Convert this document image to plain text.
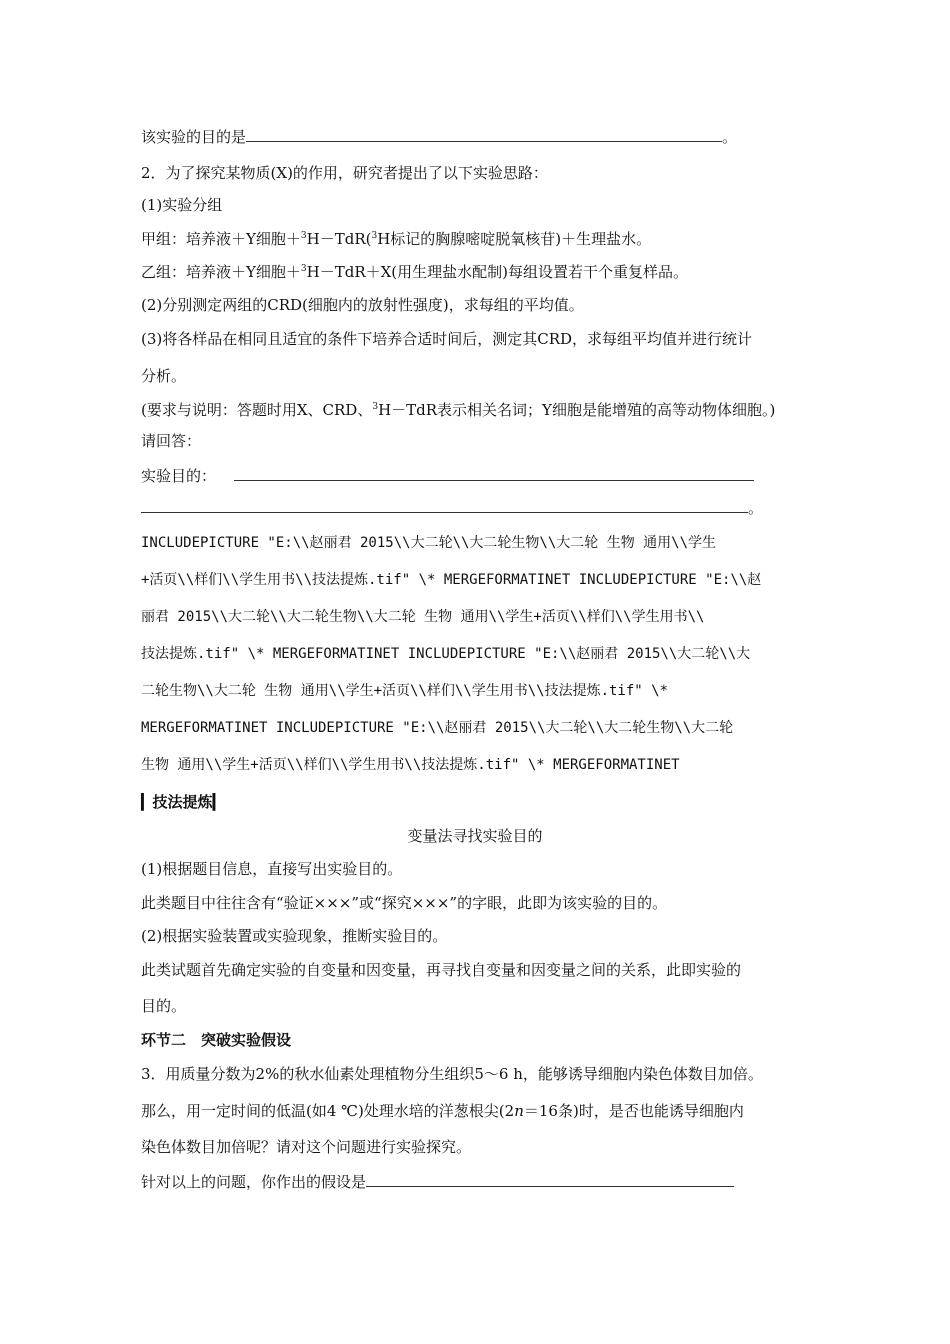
该实验的目的是	。
2．为了探究某物质(X)的作用，研究者提出了以下实验思路：
(1)实验分组
甲组：培养液＋Y细胞＋$^3$H－TdR($^3$H标记的胸腺嘧啶脱氧核苷)＋生理盐水。
乙组：培养液＋Y细胞＋$^3$H－TdR＋X(用生理盐水配制)每组设置若干个重复样品。
(2)分别测定两组的CRD(细胞内的放射性强度)，求每组的平均值。
(3)将各样品在相同且适宜的条件下培养合适时间后，测定其CRD，求每组平均值并进行统计
分析。
(要求与说明：答题时用X、CRD、$^3$H－TdR表示相关名词；Y细胞是能增殖的高等动物体细胞。)
请回答：
实验目的：
。
INCLUDEPICTURE "E:\\赵丽君 2015\\大二轮\\大二轮生物\\大二轮 生物 通用\\学生
+活页\\样们\\学生用书\\技法提炼.tif" \* MERGEFORMATINET INCLUDEPICTURE "E:\\赵
丽君 2015\\大二轮\\大二轮生物\\大二轮 生物 通用\\学生+活页\\样们\\学生用书\\
技法提炼.tif" \* MERGEFORMATINET INCLUDEPICTURE "E:\\赵丽君 2015\\大二轮\\大
二轮生物\\大二轮 生物 通用\\学生+活页\\样们\\学生用书\\技法提炼.tif" \*
MERGEFORMATINET INCLUDEPICTURE "E:\\赵丽君 2015\\大二轮\\大二轮生物\\大二轮
生物 通用\\学生+活页\\样们\\学生用书\\技法提炼.tif" \* MERGEFORMATINET
▎技法提炼▎
变量法寻找实验目的
(1)根据题目信息，直接写出实验目的。
此类题目中往往含有“验证×××”或“探究×××”的字眼，此即为该实验的目的。
(2)根据实验装置或实验现象，推断实验目的。
此类试题首先确定实验的自变量和因变量，再寻找自变量和因变量之间的关系，此即实验的
目的。
环节二　突破实验假设
3．用质量分数为2%的秋水仙素处理植物分生组织5～6 h，能够诱导细胞内染色体数目加倍。
那么，用一定时间的低温(如4 ℃)处理水培的洋葱根尖(2n＝16条)时，是否也能诱导细胞内
染色体数目加倍呢？请对这个问题进行实验探究。
针对以上的问题，你作出的假设是
